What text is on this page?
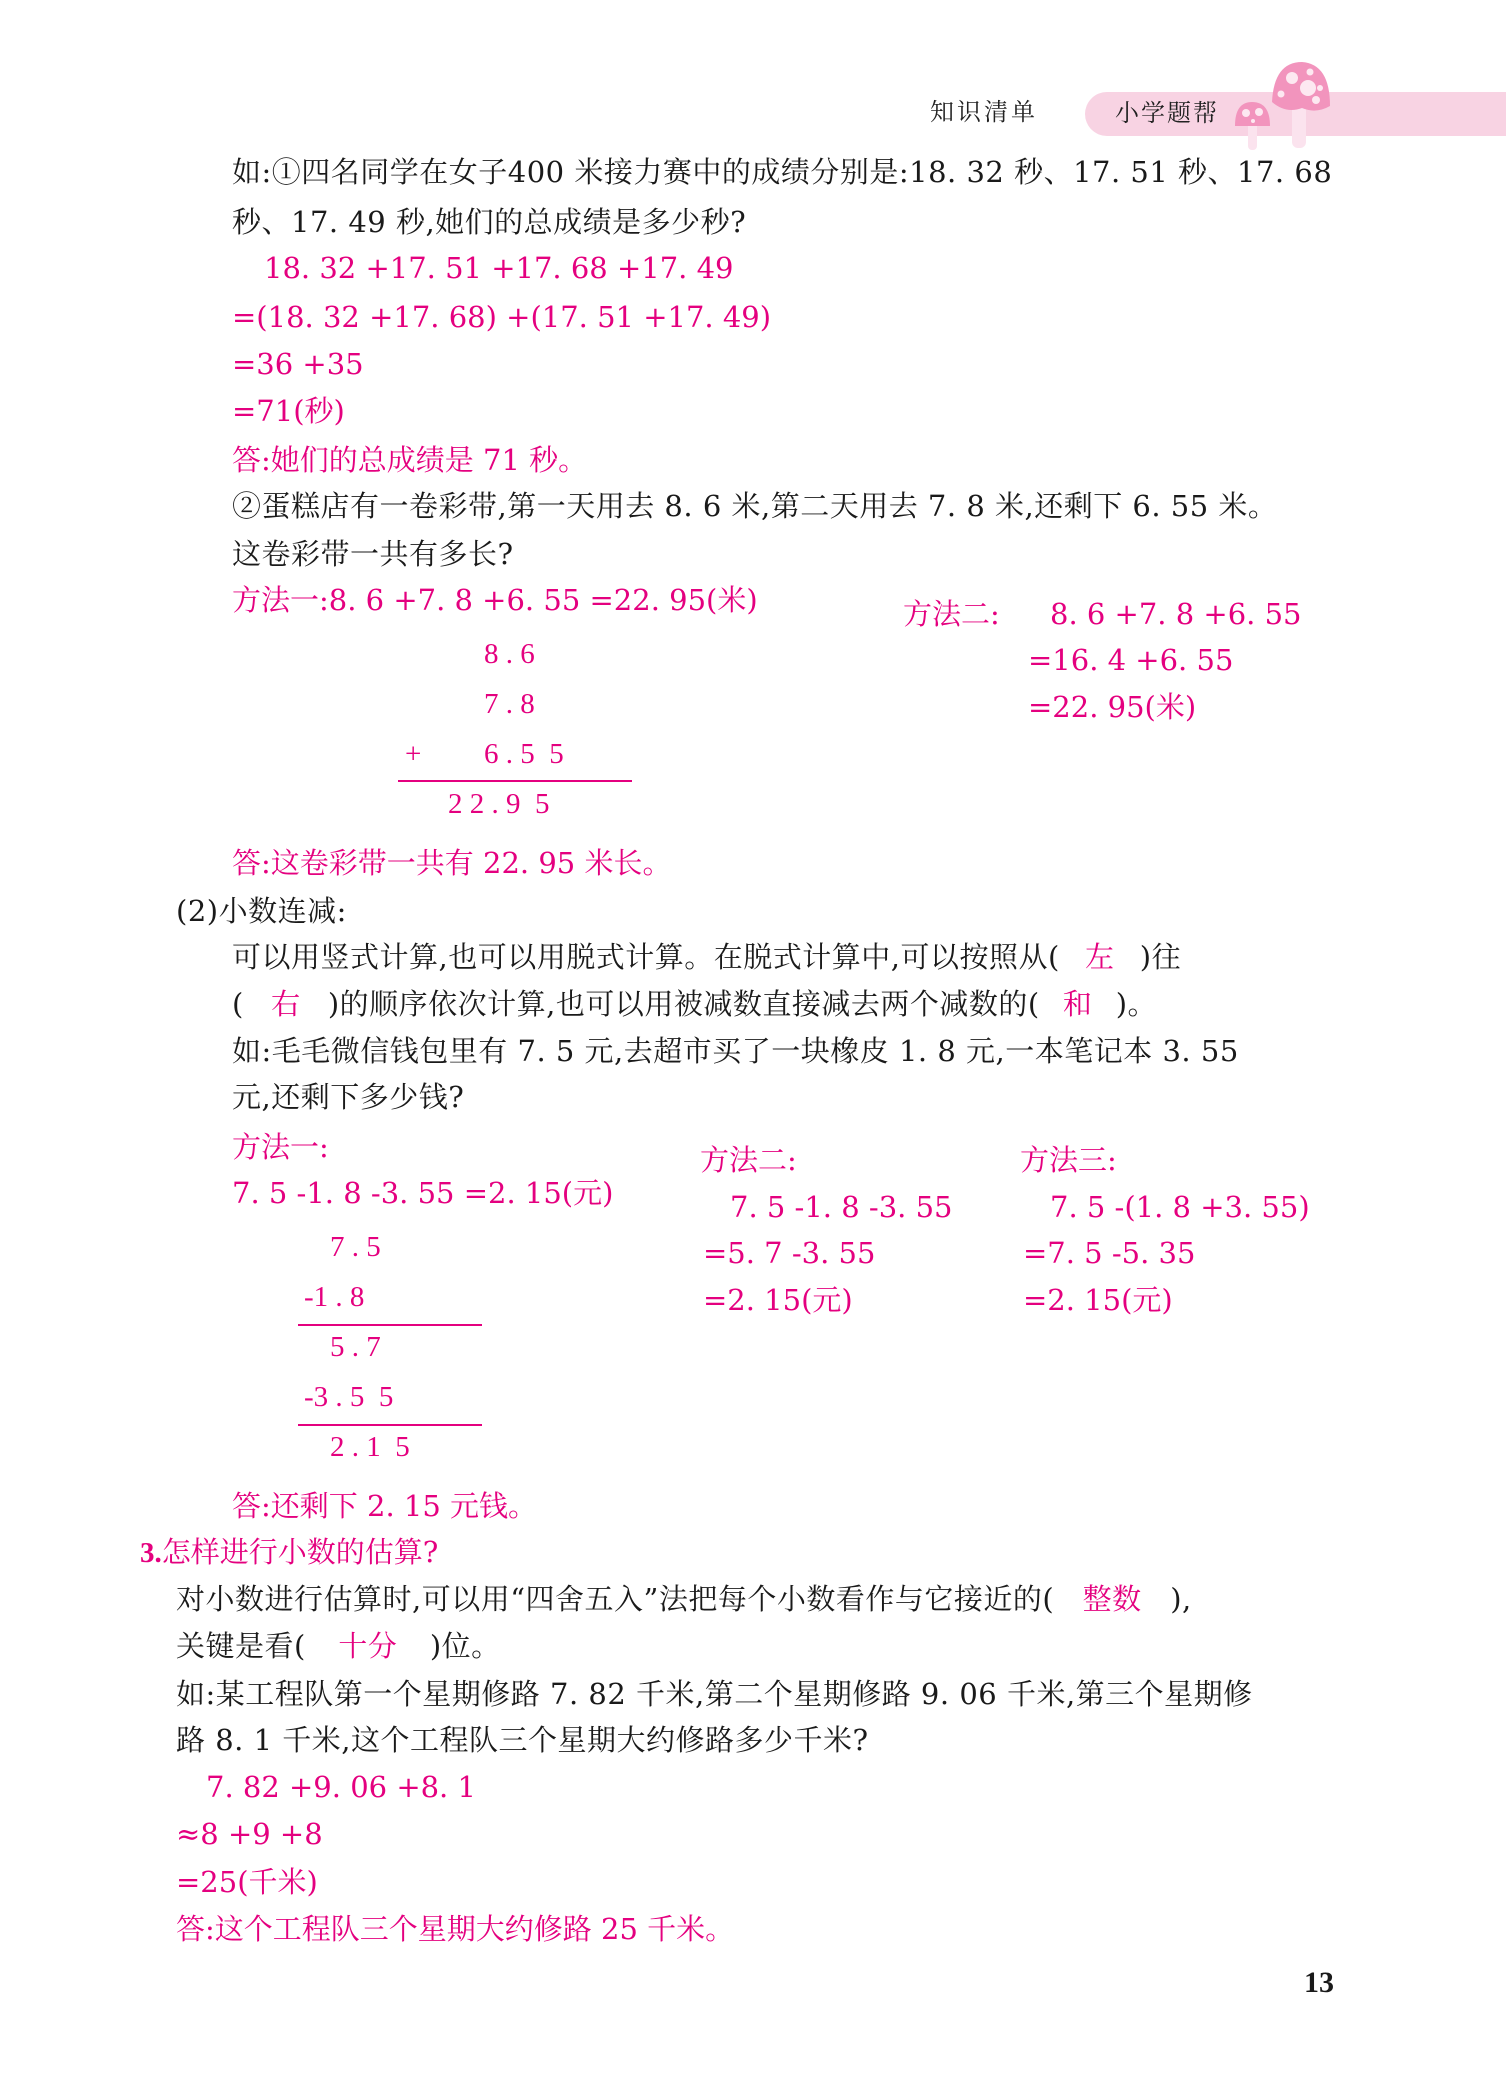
知识清单	小学题帮
如:①四名同学在女子400 米接力赛中的成绩分别是:18. 32 秒、17. 51 秒、17. 68
秒、17. 49 秒,她们的总成绩是多少秒?
18. 32 +17. 51 +17. 68 +17. 49
=(18. 32 +17. 68) +(17. 51 +17. 49)
=36 +35
=71(秒)
答:她们的总成绩是 71 秒。
②蛋糕店有一卷彩带,第一天用去 8. 6 米,第二天用去 7. 8 米,还剩下 6. 55 米。
这卷彩带一共有多长?
方法一:8. 6 +7. 8 +6. 55 =22. 95(米)
8 . 6
7 . 8
+ 6 . 5  5
2 2 . 9  5
方法二: 8. 6 +7. 8 +6. 55
=16. 4 +6. 55
=22. 95(米)
答:这卷彩带一共有 22. 95 米长。
(2)小数连减:
可以用竖式计算,也可以用脱式计算。在脱式计算中,可以按照从( 左 )往
( 右 )的顺序依次计算,也可以用被减数直接减去两个减数的( 和 )。
如:毛毛微信钱包里有 7. 5 元,去超市买了一块橡皮 1. 8 元,一本笔记本 3. 55
元,还剩下多少钱?
方法一:
7. 5 -1. 8 -3. 55 =2. 15(元)
7 . 5
-1 . 8
5 . 7
-3 . 5  5
2 . 1  5
方法二:
7. 5 -1. 8 -3. 55
=5. 7 -3. 55
=2. 15(元)
方法三:
7. 5 -(1. 8 +3. 55)
=7. 5 -5. 35
=2. 15(元)
答:还剩下 2. 15 元钱。
3.怎样进行小数的估算?
对小数进行估算时,可以用“四舍五入”法把每个小数看作与它接近的( 整数 ),
关键是看( 十分 )位。
如:某工程队第一个星期修路 7. 82 千米,第二个星期修路 9. 06 千米,第三个星期修
路 8. 1 千米,这个工程队三个星期大约修路多少千米?
7. 82 +9. 06 +8. 1
≈8 +9 +8
=25(千米)
答:这个工程队三个星期大约修路 25 千米。
13
